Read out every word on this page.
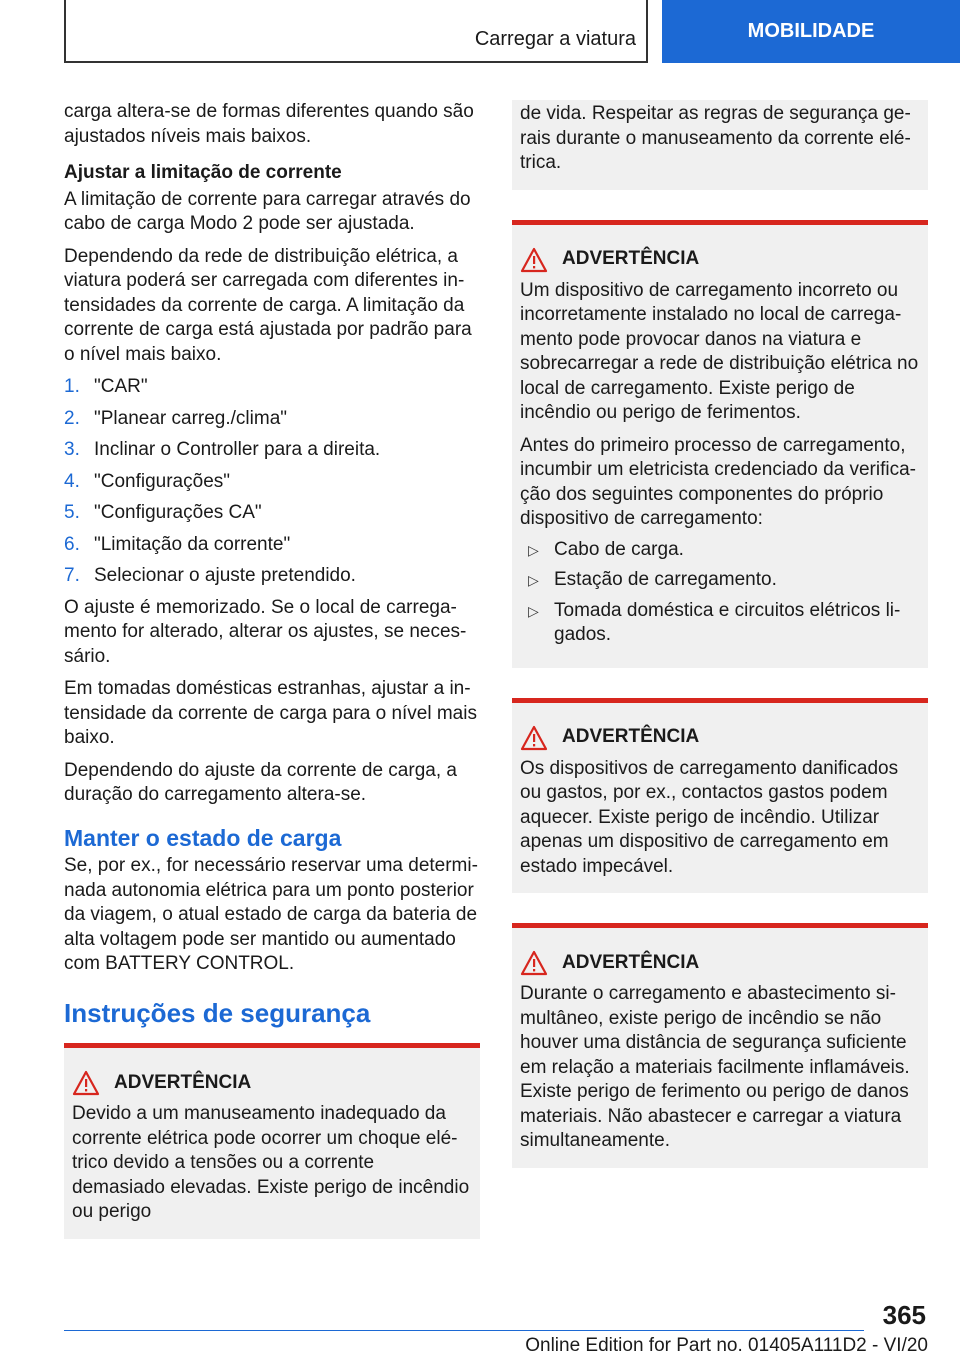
Carregar a viatura	MOBILIDADE

carga altera-se de formas diferentes quando são ajustados níveis mais baixos.

Ajustar a limitação de corrente

A limitação de corrente para carregar através do cabo de carga Modo 2 pode ser ajustada.

Dependendo da rede de distribuição elétrica, a viatura poderá ser carregada com diferentes intensidades da corrente de carga. A limitação da corrente de carga está ajustada por padrão para o nível mais baixo.

1. "CAR"
2. "Planear carreg./clima"
3. Inclinar o Controller para a direita.
4. "Configurações"
5. "Configurações CA"
6. "Limitação da corrente"
7. Selecionar o ajuste pretendido.

O ajuste é memorizado. Se o local de carregamento for alterado, alterar os ajustes, se necessário.

Em tomadas domésticas estranhas, ajustar a intensidade da corrente de carga para o nível mais baixo.

Dependendo do ajuste da corrente de carga, a duração do carregamento altera-se.

Manter o estado de carga

Se, por ex., for necessário reservar uma determinada autonomia elétrica para um ponto posterior da viagem, o atual estado de carga da bateria de alta voltagem pode ser mantido ou aumentado com BATTERY CONTROL.

Instruções de segurança
ADVERTÊNCIA

Devido a um manuseamento inadequado da corrente elétrica pode ocorrer um choque elétrico devido a tensões ou a corrente demasiado elevadas. Existe perigo de incêndio ou perigo

de vida. Respeitar as regras de segurança gerais durante o manuseamento da corrente elétrica.

ADVERTÊNCIA

Um dispositivo de carregamento incorreto ou incorretamente instalado no local de carregamento pode provocar danos na viatura e sobrecarregar a rede de distribuição elétrica no local de carregamento. Existe perigo de incêndio ou perigo de ferimentos.

Antes do primeiro processo de carregamento, incumbir um eletricista credenciado da verificação dos seguintes componentes do próprio dispositivo de carregamento:

▷ Cabo de carga.
▷ Estação de carregamento.
▷ Tomada doméstica e circuitos elétricos ligados.
ADVERTÊNCIA

Os dispositivos de carregamento danificados ou gastos, por ex., contactos gastos podem aquecer. Existe perigo de incêndio. Utilizar apenas um dispositivo de carregamento em estado impecável.

ADVERTÊNCIA

Durante o carregamento e abastecimento simultâneo, existe perigo de incêndio se não houver uma distância de segurança suficiente em relação a materiais facilmente inflamáveis. Existe perigo de ferimento ou perigo de danos materiais. Não abastecer e carregar a viatura simultaneamente.

365
Online Edition for Part no. 01405A111D2 - VI/20
